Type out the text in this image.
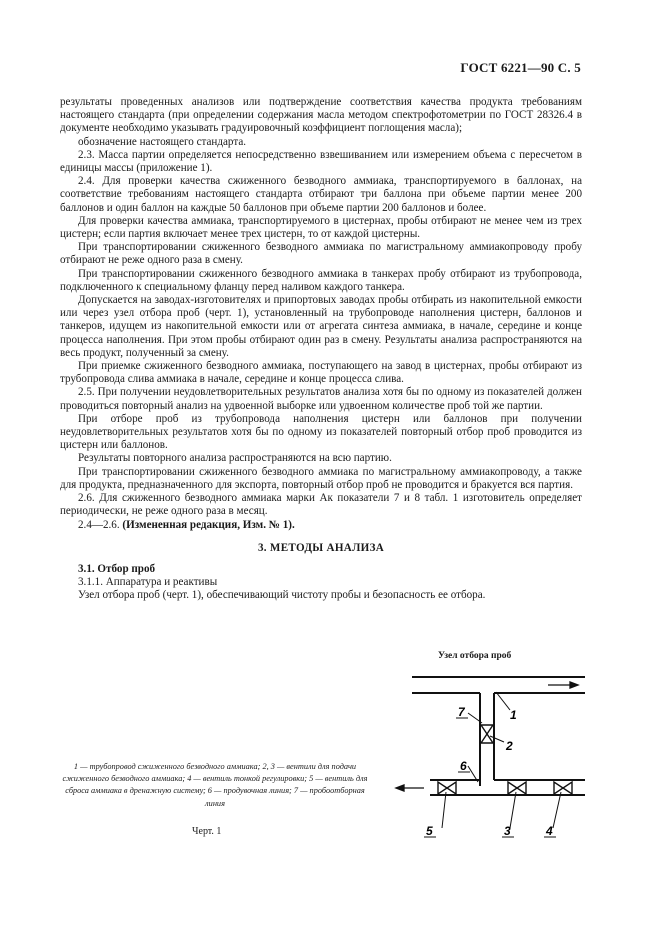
ГОСТ 6221—90 С. 5

результаты проведенных анализов или подтверждение соответствия качества продукта требованиям настоящего стандарта (при определении содержания масла методом спектрофотометрии по ГОСТ 28326.4 в документе необходимо указывать градуировочный коэффициент поглощения масла);

обозначение настоящего стандарта.

2.3. Масса партии определяется непосредственно взвешиванием или измерением объема с пересчетом в единицы массы (приложение 1).

2.4. Для проверки качества сжиженного безводного аммиака, транспортируемого в баллонах, на соответствие требованиям настоящего стандарта отбирают три баллона при объеме партии менее 200 баллонов и один баллон на каждые 50 баллонов при объеме партии 200 баллонов и более.

Для проверки качества аммиака, транспортируемого в цистернах, пробы отбирают не менее чем из трех цистерн; если партия включает менее трех цистерн, то от каждой цистерны.

При транспортировании сжиженного безводного аммиака по магистральному аммиакопроводу пробу отбирают не реже одного раза в смену.

При транспортировании сжиженного безводного аммиака в танкерах пробу отбирают из трубопровода, подключенного к специальному фланцу перед наливом каждого танкера.

Допускается на заводах-изготовителях и припортовых заводах пробы отбирать из накопительной емкости или через узел отбора проб (черт. 1), установленный на трубопроводе наполнения цистерн, баллонов и танкеров, идущем из накопительной емкости или от агрегата синтеза аммиака, в начале, середине и конце процесса наполнения. При этом пробы отбирают один раз в смену. Результаты анализа распространяются на весь продукт, полученный за смену.

При приемке сжиженного безводного аммиака, поступающего на завод в цистернах, пробы отбирают из трубопровода слива аммиака в начале, середине и конце процесса слива.

2.5. При получении неудовлетворительных результатов анализа хотя бы по одному из показателей должен проводиться повторный анализ на удвоенной выборке или удвоенном количестве проб той же партии.

При отборе проб из трубопровода наполнения цистерн или баллонов при получении неудовлетворительных результатов хотя бы по одному из показателей повторный отбор проб проводится из цистерн или баллонов.

Результаты повторного анализа распространяются на всю партию.

При транспортировании сжиженного безводного аммиака по магистральному аммиакопроводу, а также для продукта, предназначенного для экспорта, повторный отбор проб не проводится и бракуется вся партия.

2.6. Для сжиженного безводного аммиака марки Ак показатели 7 и 8 табл. 1 изготовитель определяет периодически, не реже одного раза в месяц.

2.4—2.6. (Измененная редакция, Изм. № 1).

3. МЕТОДЫ АНАЛИЗА

3.1. Отбор проб

3.1.1. Аппаратура и реактивы

Узел отбора проб (черт. 1), обеспечивающий чистоту пробы и безопасность ее отбора.

Узел отбора проб
1
7
2
6
5	3	4
1 — трубопровод сжиженного безводного аммиака; 2, 3 — вентили для подачи сжиженного безводного аммиака; 4 — вентиль тонкой регулировки; 5 — вентиль для сброса аммиака в дренажную систему; 6 — продувочная линия; 7 — пробоотборная линия
Черт. 1
